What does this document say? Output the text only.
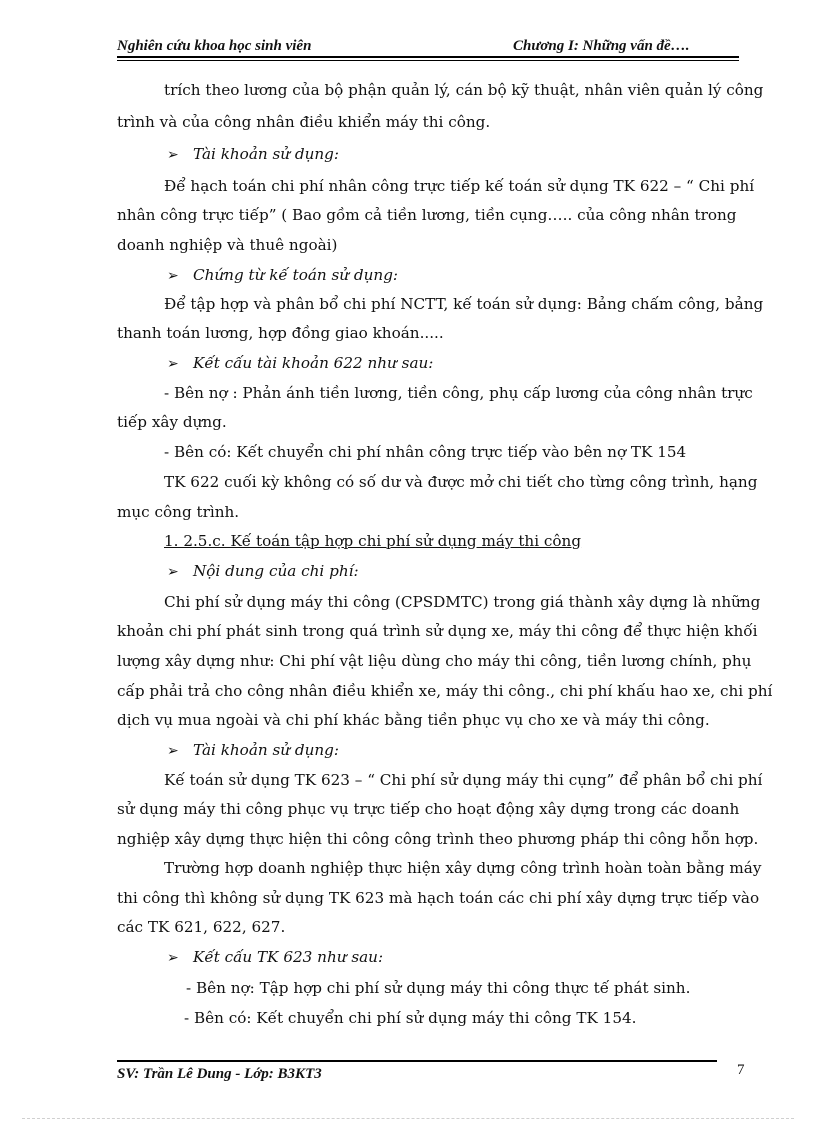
Nghiên cứu khoa học sinh viên	Chương I: Những vấn đề….
trích theo lương của bộ phận quản lý, cán bộ kỹ thuật, nhân viên quản lý công
trình và của công nhân điều khiển máy thi công.
➢ Tài khoản sử dụng:
Để hạch toán chi phí nhân công trực tiếp kế toán sử dụng TK 622 – “ Chi phí
nhân công trực tiếp” ( Bao gồm cả tiền lương, tiền cụng….. của công nhân trong
doanh nghiệp và thuê ngoài)
➢ Chứng từ kế toán sử dụng:
Để tập hợp và phân bổ chi phí NCTT, kế toán sử dụng: Bảng chấm công, bảng
thanh toán lương, hợp đồng giao khoán.....
➢ Kết cấu tài khoản 622 như sau:
- Bên nợ : Phản ánh tiền lương, tiền công, phụ cấp lương của công nhân trực
tiếp xây dựng.
- Bên có: Kết chuyển chi phí nhân công trực tiếp vào bên nợ TK 154
TK 622 cuối kỳ không có số dư và được mở chi tiết cho từng công trình, hạng
mục công trình.
1. 2.5.c. Kế toán tập hợp chi phí sử dụng máy thi công
➢ Nội dung của chi phí:
Chi phí sử dụng máy thi công (CPSDMTC) trong giá thành xây dựng là những
khoản chi phí phát sinh trong quá trình sử dụng xe, máy thi công để thực hiện khối
lượng xây dựng như: Chi phí vật liệu dùng cho máy thi công, tiền lương chính, phụ
cấp phải trả cho công nhân điều khiển xe, máy thi công., chi phí khấu hao xe, chi phí
dịch vụ mua ngoài và chi phí khác bằng tiền phục vụ cho xe và máy thi công.
➢ Tài khoản sử dụng:
Kế toán sử dụng TK 623 – “ Chi phí sử dụng máy thi cụng” để phân bổ chi phí
sử dụng máy thi công phục vụ trực tiếp cho hoạt động xây dựng trong các doanh
nghiệp xây dựng thực hiện thi công công trình theo phương pháp thi công hỗn hợp.
Trường hợp doanh nghiệp thực hiện xây dựng công trình hoàn toàn bằng máy
thi công thì không sử dụng TK 623 mà hạch toán các chi phí xây dựng trực tiếp vào
các TK 621, 622, 627.
➢ Kết cấu TK 623 như sau:
- Bên nợ: Tập hợp chi phí sử dụng máy thi công thực tế phát sinh.
- Bên có: Kết chuyển chi phí sử dụng máy thi công TK 154.
SV: Trần Lê Dung - Lớp: B3KT3	7
